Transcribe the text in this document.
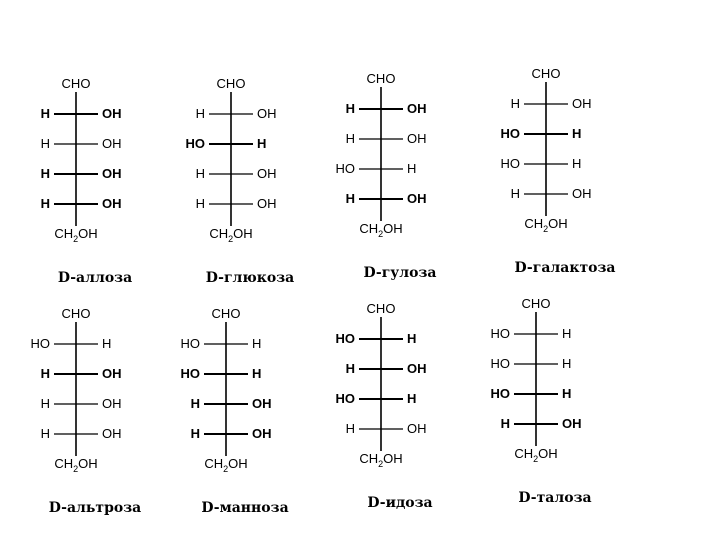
CHO
H	OH
H	OH
H	OH
H	OH
$CH_2OH$
D-аллоза
CHO
H	OH
HO	H
H	OH
H	OH
$CH_2OH$
D-глюкоза
CHO
H	OH
H	OH
HO	H
H	OH
$CH_2OH$
D-гулоза
CHO
H	OH
HO	H
HO	H
H	OH
$CH_2OH$
D-галактоза
CHO
HO	H
H	OH
H	OH
H	OH
$CH_2OH$
D-альтроза
CHO
HO	H
HO	H
H	OH
H	OH
$CH_2OH$
D-манноза
CHO
HO	H
H	OH
HO	H
H	OH
$CH_2OH$
D-идоза
CHO
HO	H
HO	H
HO	H
H	OH
$CH_2OH$
D-талоза
